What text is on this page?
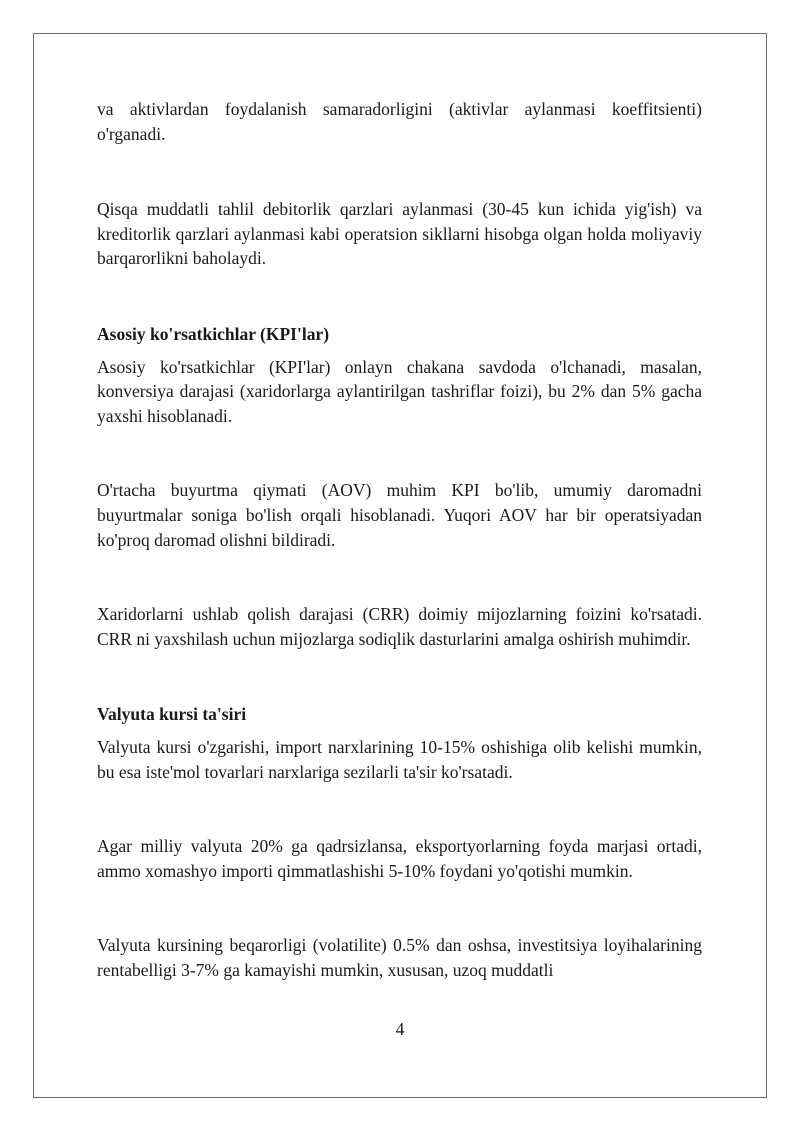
va aktivlardan foydalanish samaradorligini (aktivlar aylanmasi koeffitsienti) o'rganadi.

Qisqa muddatli tahlil debitorlik qarzlari aylanmasi (30-45 kun ichida yig'ish) va kreditorlik qarzlari aylanmasi kabi operatsion sikllarni hisobga olgan holda moliyaviy barqarorlikni baholaydi.

Asosiy ko'rsatkichlar (KPI'lar)

Asosiy ko'rsatkichlar (KPI'lar) onlayn chakana savdoda o'lchanadi, masalan, konversiya darajasi (xaridorlarga aylantirilgan tashriflar foizi), bu 2% dan 5% gacha yaxshi hisoblanadi.

O'rtacha buyurtma qiymati (AOV) muhim KPI bo'lib, umumiy daromadni buyurtmalar soniga bo'lish orqali hisoblanadi. Yuqori AOV har bir operatsiyadan ko'proq daromad olishni bildiradi.

Xaridorlarni ushlab qolish darajasi (CRR) doimiy mijozlarning foizini ko'rsatadi. CRR ni yaxshilash uchun mijozlarga sodiqlik dasturlarini amalga oshirish muhimdir.

Valyuta kursi ta'siri

Valyuta kursi o'zgarishi, import narxlarining 10-15% oshishiga olib kelishi mumkin, bu esa iste'mol tovarlari narxlariga sezilarli ta'sir ko'rsatadi.

Agar milliy valyuta 20% ga qadrsizlansa, eksportyorlarning foyda marjasi ortadi, ammo xomashyo importi qimmatlashishi 5-10% foydani yo'qotishi mumkin.

Valyuta kursining beqarorligi (volatilite) 0.5% dan oshsa, investitsiya loyihalarining rentabelligi 3-7% ga kamayishi mumkin, xususan, uzoq muddatli

4
